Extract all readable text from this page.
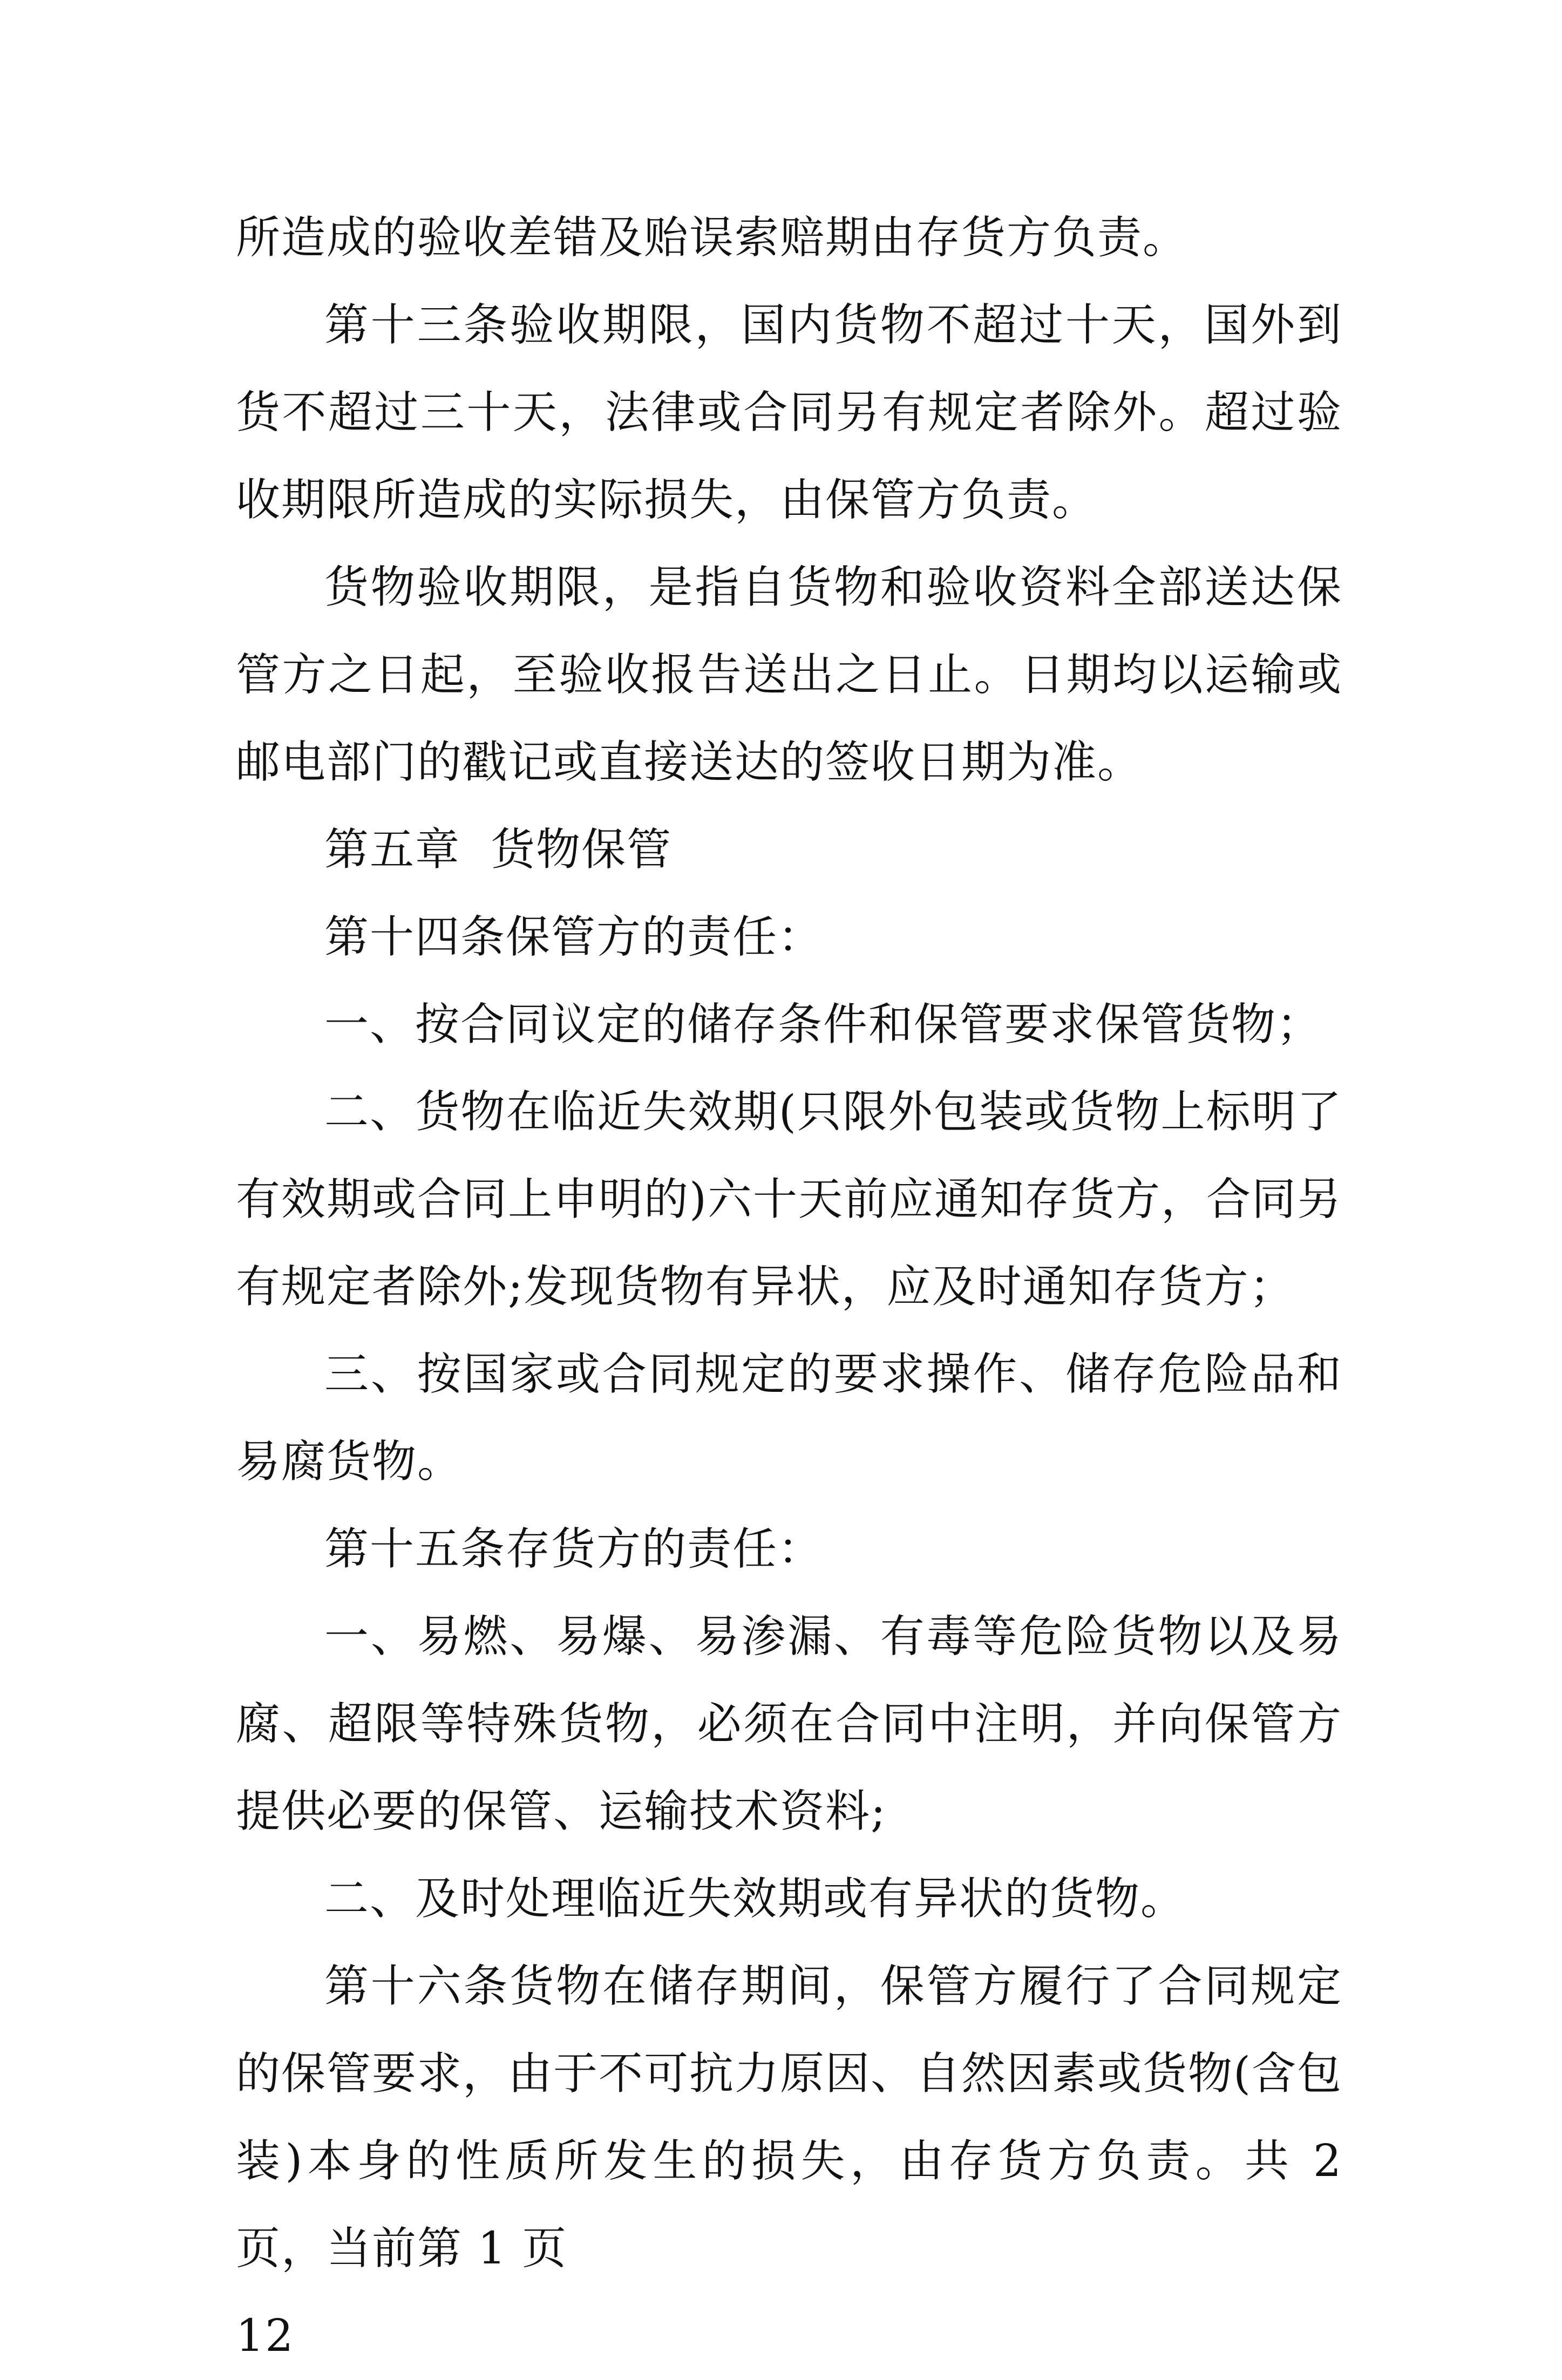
所造成的验收差错及贻误索赔期由存货方负责。

第十三条验收期限，国内货物不超过十天，国外到货不超过三十天，法律或合同另有规定者除外。超过验收期限所造成的实际损失，由保管方负责。

货物验收期限，是指自货物和验收资料全部送达保管方之日起，至验收报告送出之日止。日期均以运输或邮电部门的戳记或直接送达的签收日期为准。

第五章  货物保管

第十四条保管方的责任：

一、按合同议定的储存条件和保管要求保管货物；

二、货物在临近失效期(只限外包装或货物上标明了有效期或合同上申明的)六十天前应通知存货方，合同另有规定者除外;发现货物有异状，应及时通知存货方；

三、按国家或合同规定的要求操作、储存危险品和易腐货物。

第十五条存货方的责任：

一、易燃、易爆、易渗漏、有毒等危险货物以及易腐、超限等特殊货物，必须在合同中注明，并向保管方提供必要的保管、运输技术资料;

二、及时处理临近失效期或有异状的货物。

第十六条货物在储存期间，保管方履行了合同规定的保管要求，由于不可抗力原因、自然因素或货物(含包装)本身的性质所发生的损失，由存货方负责。共 2 页，当前第 1 页

12
